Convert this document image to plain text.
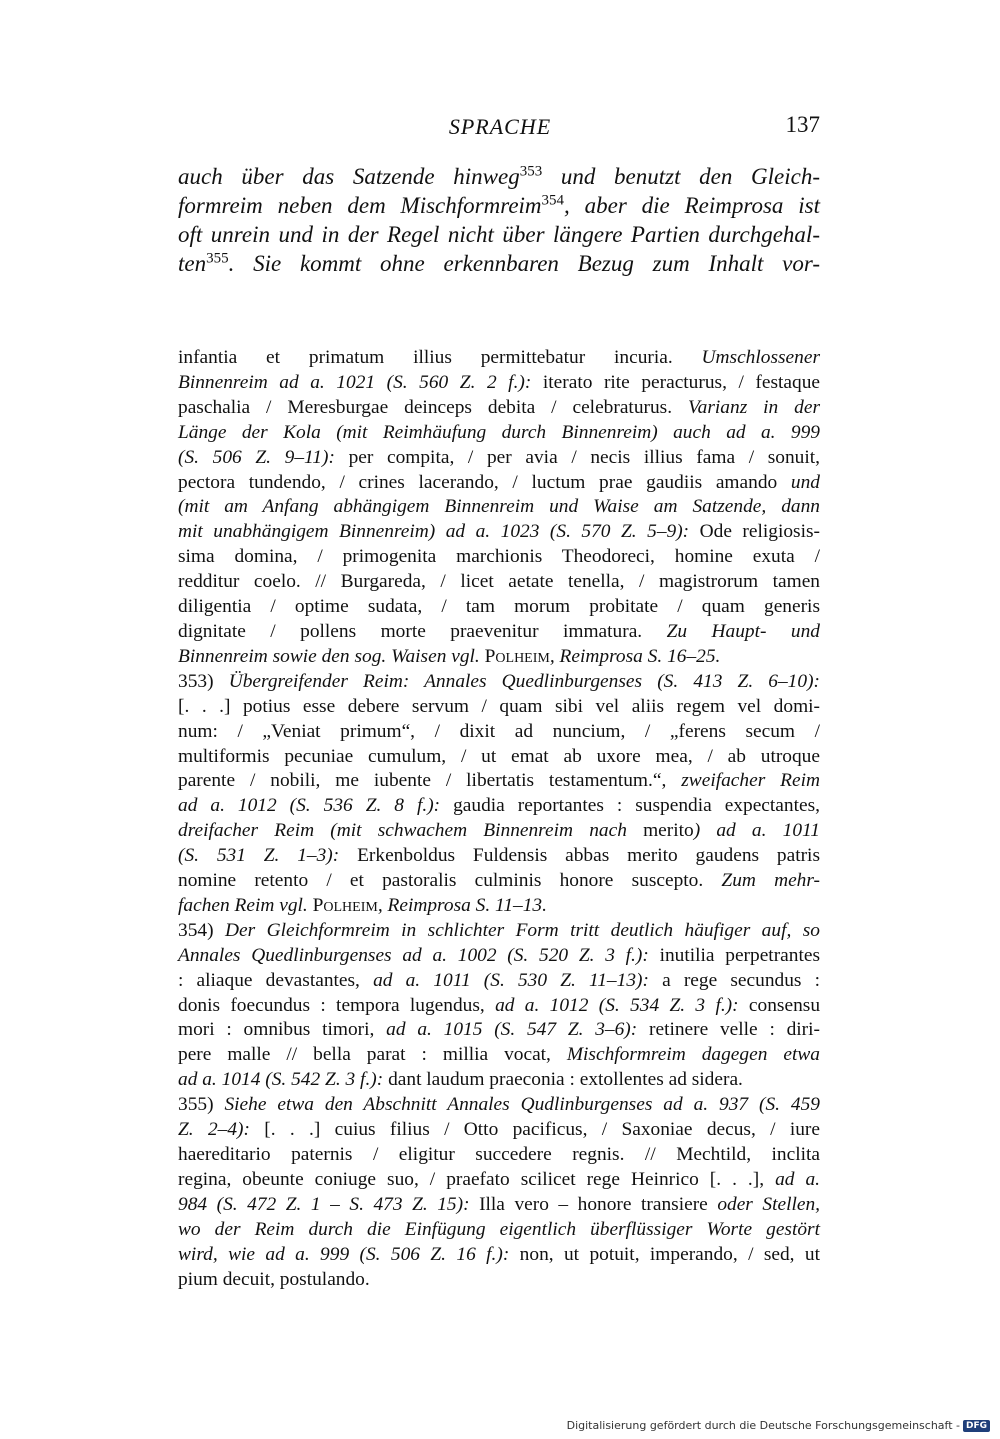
SPRACHE	137
auch über das Satzende hinweg$^{353}$ und benutzt den Gleich-
formreim neben dem Mischformreim$^{354}$, aber die Reimprosa ist
oft unrein und in der Regel nicht über längere Partien durchgehal-
ten$^{355}$. Sie kommt ohne erkennbaren Bezug zum Inhalt vor-
infantia et primatum illius permittebatur incuria. Umschlossener
Binnenreim ad a. 1021 (S. 560 Z. 2 f.): iterato rite peracturus, / festaque
paschalia / Meresburgae deinceps debita / celebraturus. Varianz in der
Länge der Kola (mit Reimhäufung durch Binnenreim) auch ad a. 999
(S. 506 Z. 9–11): per compita, / per avia / necis illius fama / sonuit,
pectora tundendo, / crines lacerando, / luctum prae gaudiis amando und
(mit am Anfang abhängigem Binnenreim und Waise am Satzende, dann
mit unabhängigem Binnenreim) ad a. 1023 (S. 570 Z. 5–9): Ode religiosis-
sima domina, / primogenita marchionis Theodoreci, homine exuta /
redditur coelo. // Burgareda, / licet aetate tenella, / magistrorum tamen
diligentia / optime sudata, / tam morum probitate / quam generis
dignitate / pollens morte praevenitur immatura. Zu Haupt- und
Binnenreim sowie den sog. Waisen vgl. Polheim, Reimprosa S. 16–25.
353) Übergreifender Reim: Annales Quedlinburgenses (S. 413 Z. 6–10):
[. . .] potius esse debere servum / quam sibi vel aliis regem vel domi-
num: / „Veniat primum“, / dixit ad nuncium, / „ferens secum /
multiformis pecuniae cumulum, / ut emat ab uxore mea, / ab utroque
parente / nobili, me iubente / libertatis testamentum.“, zweifacher Reim
ad a. 1012 (S. 536 Z. 8 f.): gaudia reportantes : suspendia expectantes,
dreifacher Reim (mit schwachem Binnenreim nach merito) ad a. 1011
(S. 531 Z. 1–3): Erkenboldus Fuldensis abbas merito gaudens patris
nomine retento / et pastoralis culminis honore suscepto. Zum mehr-
fachen Reim vgl. Polheim, Reimprosa S. 11–13.
354) Der Gleichformreim in schlichter Form tritt deutlich häufiger auf, so
Annales Quedlinburgenses ad a. 1002 (S. 520 Z. 3 f.): inutilia perpetrantes
: aliaque devastantes, ad a. 1011 (S. 530 Z. 11–13): a rege secundus :
donis foecundus : tempora lugendus, ad a. 1012 (S. 534 Z. 3 f.): consensu
mori : omnibus timori, ad a. 1015 (S. 547 Z. 3–6): retinere velle : diri-
pere malle // bella parat : millia vocat, Mischformreim dagegen etwa
ad a. 1014 (S. 542 Z. 3 f.): dant laudum praeconia : extollentes ad sidera.
355) Siehe etwa den Abschnitt Annales Qudlinburgenses ad a. 937 (S. 459
Z. 2–4): [. . .] cuius filius / Otto pacificus, / Saxoniae decus, / iure
haereditario paternis / eligitur succedere regnis. // Mechtild, inclita
regina, obeunte coniuge suo, / praefato scilicet rege Heinrico [. . .], ad a.
984 (S. 472 Z. 1 – S. 473 Z. 15): Illa vero – honore transiere oder Stellen,
wo der Reim durch die Einfügung eigentlich überflüssiger Worte gestört
wird, wie ad a. 999 (S. 506 Z. 16 f.): non, ut potuit, imperando, / sed, ut
pium decuit, postulando.
Digitalisierung gefördert durch die Deutsche Forschungsgemeinschaft - DFG
